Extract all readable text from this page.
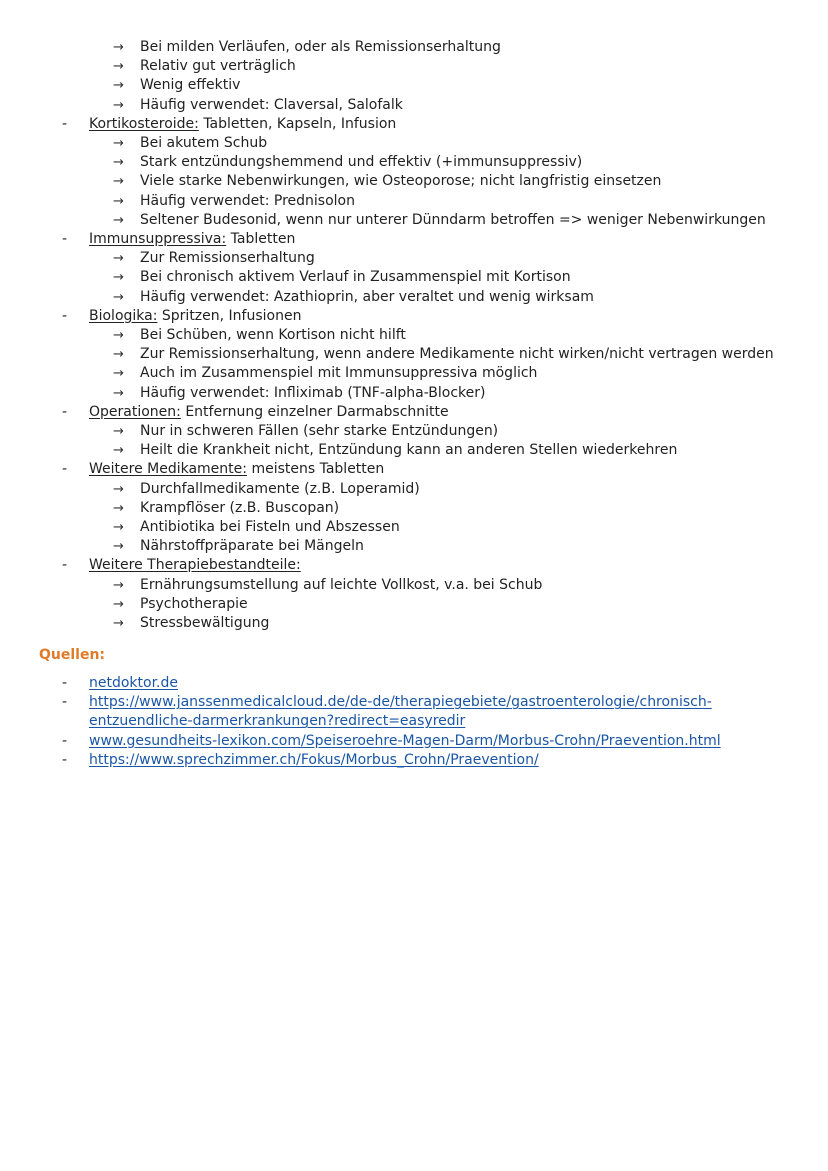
→ Bei milden Verläufen, oder als Remissionserhaltung
→ Relativ gut verträglich
→ Wenig effektiv
→ Häufig verwendet: Claversal, Salofalk
- Kortikosteroide: Tabletten, Kapseln, Infusion
→ Bei akutem Schub
→ Stark entzündungshemmend und effektiv (+immunsuppressiv)
→ Viele starke Nebenwirkungen, wie Osteoporose; nicht langfristig einsetzen
→ Häufig verwendet: Prednisolon
→ Seltener Budesonid, wenn nur unterer Dünndarm betroffen => weniger Nebenwirkungen
- Immunsuppressiva: Tabletten
→ Zur Remissionserhaltung
→ Bei chronisch aktivem Verlauf in Zusammenspiel mit Kortison
→ Häufig verwendet: Azathioprin, aber veraltet und wenig wirksam
- Biologika: Spritzen, Infusionen
→ Bei Schüben, wenn Kortison nicht hilft
→ Zur Remissionserhaltung, wenn andere Medikamente nicht wirken/nicht vertragen werden
→ Auch im Zusammenspiel mit Immunsuppressiva möglich
→ Häufig verwendet: Infliximab (TNF-alpha-Blocker)
- Operationen: Entfernung einzelner Darmabschnitte
→ Nur in schweren Fällen (sehr starke Entzündungen)
→ Heilt die Krankheit nicht, Entzündung kann an anderen Stellen wiederkehren
- Weitere Medikamente: meistens Tabletten
→ Durchfallmedikamente (z.B. Loperamid)
→ Krampflöser (z.B. Buscopan)
→ Antibiotika bei Fisteln und Abszessen
→ Nährstoffpräparate bei Mängeln
- Weitere Therapiebestandteile:
→ Ernährungsumstellung auf leichte Vollkost, v.a. bei Schub
→ Psychotherapie
→ Stressbewältigung
Quellen:
- netdoktor.de
- https://www.janssenmedicalcloud.de/de-de/therapiegebiete/gastroenterologie/chronisch-
entzuendliche-darmerkrankungen?redirect=easyredir
- www.gesundheits-lexikon.com/Speiseroehre-Magen-Darm/Morbus-Crohn/Praevention.html
- https://www.sprechzimmer.ch/Fokus/Morbus_Crohn/Praevention/
